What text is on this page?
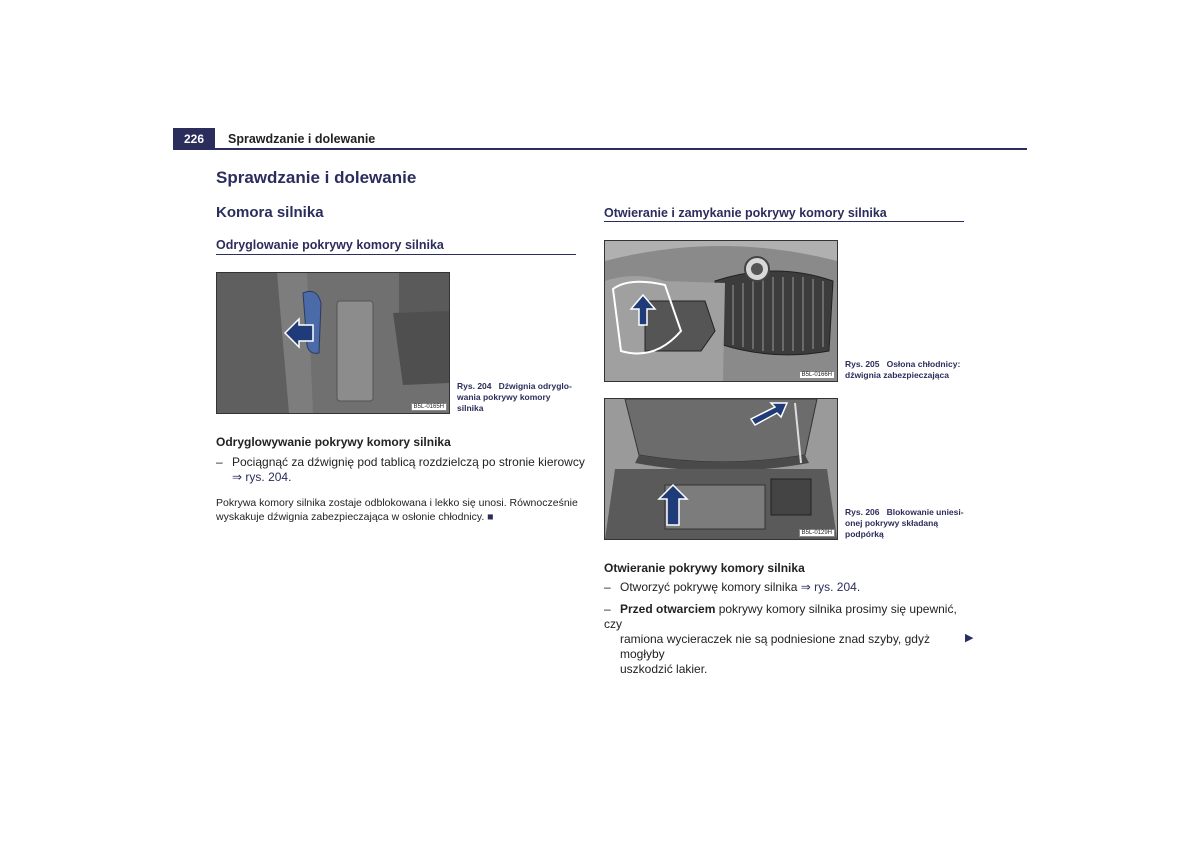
226	Sprawdzanie i dolewanie
Sprawdzanie i dolewanie
Komora silnika
Odryglowanie pokrywy komory silnika
B5L-0165H
Rys. 204 Dźwignia odryglo-
wania pokrywy komory
silnika
Odryglowywanie pokrywy komory silnika
– Pociągnąć za dźwignię pod tablicą rozdzielczą po stronie kierowcy
⇒ rys. 204.
Pokrywa komory silnika zostaje odblokowana i lekko się unosi. Równocześnie
wyskakuje dźwignia zabezpieczająca w osłonie chłodnicy. ■
Otwieranie i zamykanie pokrywy komory silnika
B5L-0166H
Rys. 205 Osłona chłodnicy:
dźwignia zabezpieczająca
B5L-0129H
Rys. 206 Blokowanie uniesi-
onej pokrywy składaną
podpórką
Otwieranie pokrywy komory silnika
– Otworzyć pokrywę komory silnika ⇒ rys. 204.
– Przed otwarciem pokrywy komory silnika prosimy się upewnić, czy
ramiona wycieraczek nie są podniesione znad szyby, gdyż mogłyby
uszkodzić lakier.
▶
